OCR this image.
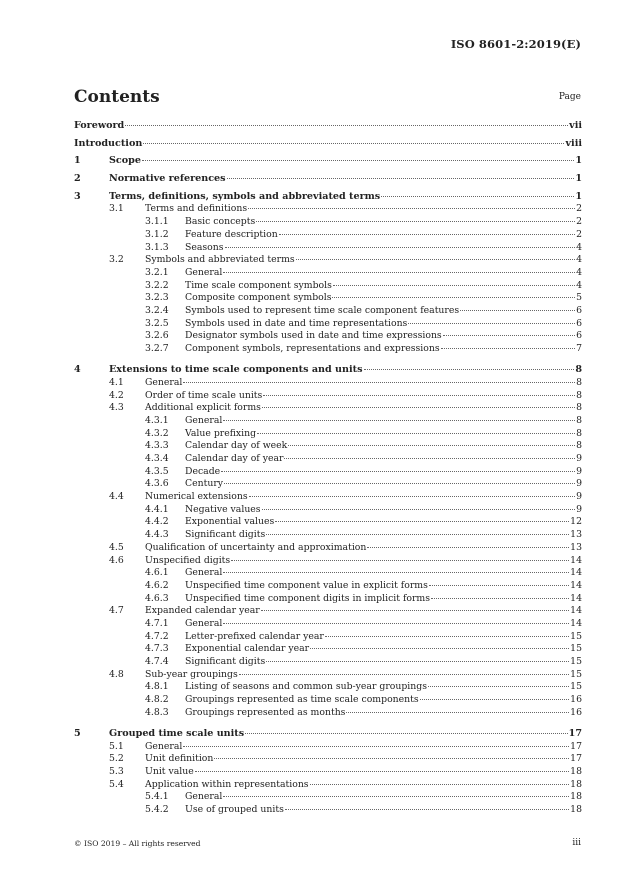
ISO 8601-2:2019(E)
Contents	Page
Foreword	vii
Introduction	viii
1	Scope	1
2	Normative references	1
3	Terms, definitions, symbols and abbreviated terms	1
3.1 Terms and definitions	2
3.1.1 Basic concepts	2
3.1.2 Feature description	2
3.1.3 Seasons	4
3.2 Symbols and abbreviated terms	4
3.2.1 General	4
3.2.2 Time scale component symbols	4
3.2.3 Composite component symbols	5
3.2.4 Symbols used to represent time scale component features	6
3.2.5 Symbols used in date and time representations	6
3.2.6 Designator symbols used in date and time expressions	6
3.2.7 Component symbols, representations and expressions	7
4	Extensions to time scale components and units	8
4.1 General	8
4.2 Order of time scale units	8
4.3 Additional explicit forms	8
4.3.1 General	8
4.3.2 Value prefixing	8
4.3.3 Calendar day of week	8
4.3.4 Calendar day of year	9
4.3.5 Decade	9
4.3.6 Century	9
4.4 Numerical extensions	9
4.4.1 Negative values	9
4.4.2 Exponential values	12
4.4.3 Significant digits	13
4.5 Qualification of uncertainty and approximation	13
4.6 Unspecified digits	14
4.6.1 General	14
4.6.2 Unspecified time component value in explicit forms	14
4.6.3 Unspecified time component digits in implicit forms	14
4.7 Expanded calendar year	14
4.7.1 General	14
4.7.2 Letter-prefixed calendar year	15
4.7.3 Exponential calendar year	15
4.7.4 Significant digits	15
4.8 Sub-year groupings	15
4.8.1 Listing of seasons and common sub-year groupings	15
4.8.2 Groupings represented as time scale components	16
4.8.3 Groupings represented as months	16
5	Grouped time scale units	17
5.1 General	17
5.2 Unit definition	17
5.3 Unit value	18
5.4 Application within representations	18
5.4.1 General	18
5.4.2 Use of grouped units	18
© ISO 2019 – All rights reserved	iii
